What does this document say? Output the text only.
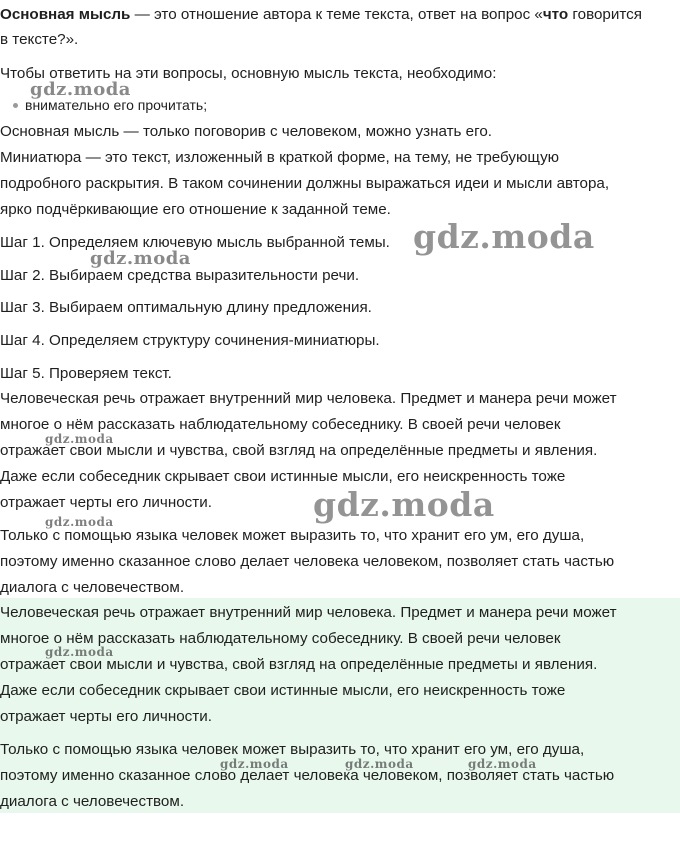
Основная мысль — это отношение автора к теме текста, ответ на вопрос «что говорится
в тексте?».
Чтобы ответить на эти вопросы, основную мысль текста, необходимо:
внимательно его прочитать;
Основная мысль — только поговорив с человеком, можно узнать его.
Миниатюра — это текст, изложенный в краткой форме, на тему, не требующую
подробного раскрытия. В таком сочинении должны выражаться идеи и мысли автора,
ярко подчёркивающие его отношение к заданной теме.
Шаг 1. Определяем ключевую мысль выбранной темы.
Шаг 2. Выбираем средства выразительности речи.
Шаг 3. Выбираем оптимальную длину предложения.
Шаг 4. Определяем структуру сочинения-миниатюры.
Шаг 5. Проверяем текст.
Человеческая речь отражает внутренний мир человека. Предмет и манера речи может
многое о нём рассказать наблюдательному собеседнику. В своей речи человек
отражает свои мысли и чувства, свой взгляд на определённые предметы и явления.
Даже если собеседник скрывает свои истинные мысли, его неискренность тоже
отражает черты его личности.
Только с помощью языка человек может выразить то, что хранит его ум, его душа,
поэтому именно сказанное слово делает человека человеком, позволяет стать частью
диалога с человечеством.
Человеческая речь отражает внутренний мир человека. Предмет и манера речи может
многое о нём рассказать наблюдательному собеседнику. В своей речи человек
отражает свои мысли и чувства, свой взгляд на определённые предметы и явления.
Даже если собеседник скрывает свои истинные мысли, его неискренность тоже
отражает черты его личности.
Только с помощью языка человек может выразить то, что хранит его ум, его душа,
поэтому именно сказанное слово делает человека человеком, позволяет стать частью
диалога с человечеством.
gdz.moda
gdz.moda
gdz.moda
gdz.moda
gdz.moda
gdz.moda
gdz.moda
gdz.moda	gdz.moda	gdz.moda
